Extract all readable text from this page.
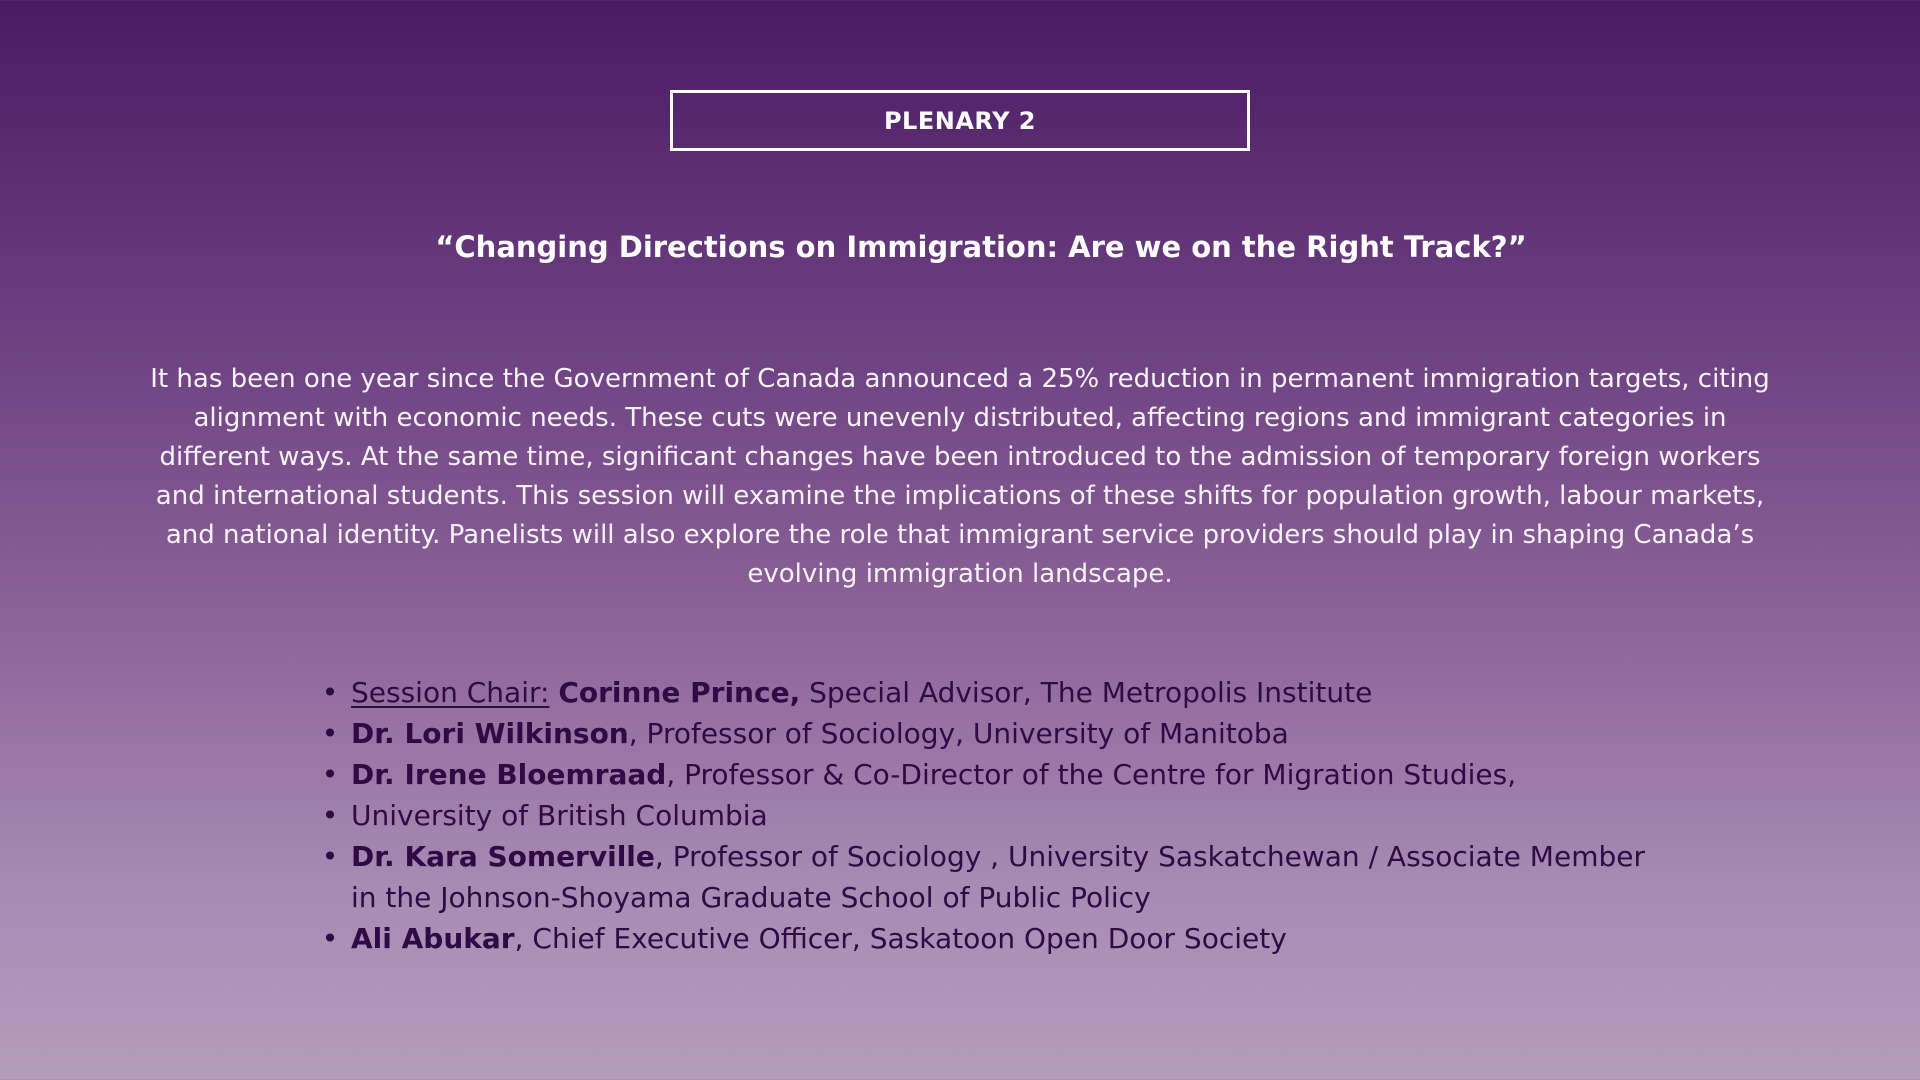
PLENARY 2
“Changing Directions on Immigration: Are we on the Right Track?”

It has been one year since the Government of Canada announced a 25% reduction in permanent immigration targets, citing alignment with economic needs. These cuts were unevenly distributed, affecting regions and immigrant categories in different ways. At the same time, significant changes have been introduced to the admission of temporary foreign workers and international students. This session will examine the implications of these shifts for population growth, labour markets, and national identity. Panelists will also explore the role that immigrant service providers should play in shaping Canada’s evolving immigration landscape.

• Session Chair: Corinne Prince, Special Advisor, The Metropolis Institute
• Dr. Lori Wilkinson, Professor of Sociology, University of Manitoba
• Dr. Irene Bloemraad, Professor & Co-Director of the Centre for Migration Studies,
• University of British Columbia
• Dr. Kara Somerville, Professor of Sociology , University Saskatchewan / Associate Member in the Johnson-Shoyama Graduate School of Public Policy
• Ali Abukar, Chief Executive Officer, Saskatoon Open Door Society
